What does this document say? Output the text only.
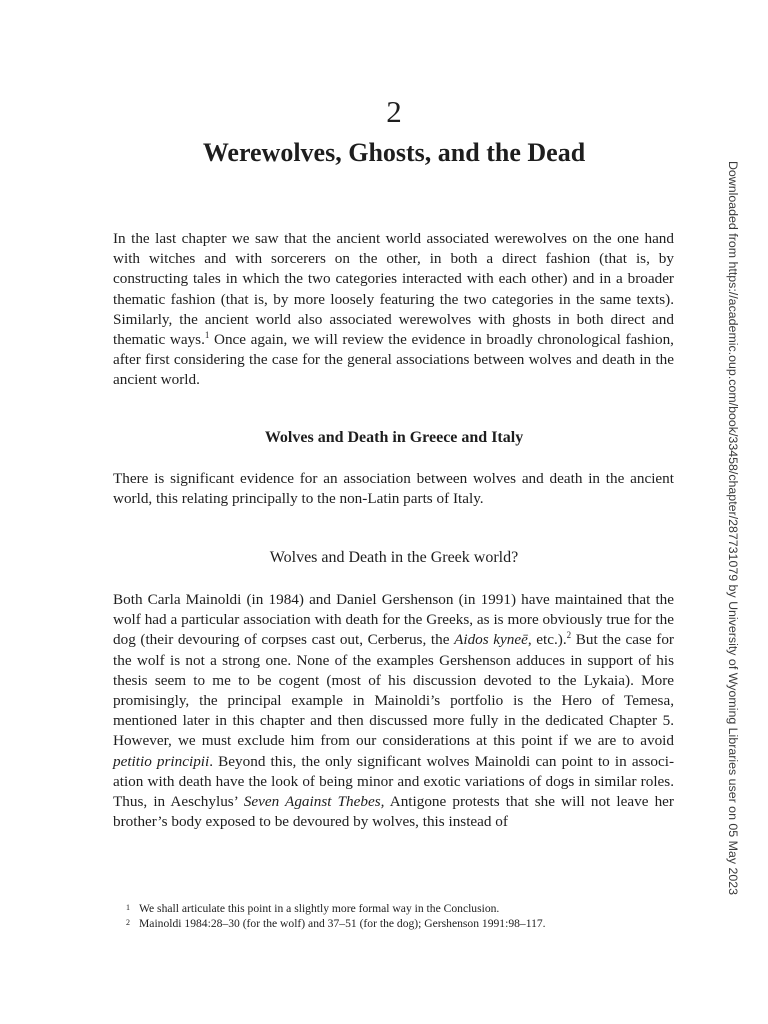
2
Werewolves, Ghosts, and the Dead

In the last chapter we saw that the ancient world associated werewolves on the one hand with witches and with sorcerers on the other, in both a direct fashion (that is, by constructing tales in which the two categories interacted with each other) and in a broader thematic fashion (that is, by more loosely featuring the two categories in the same texts). Similarly, the ancient world also associated werewolves with ghosts in both direct and thematic ways.$^1$ Once again, we will review the evidence in broadly chronological fashion, after first considering the case for the general associations between wolves and death in the ancient world.

Wolves and Death in Greece and Italy

There is significant evidence for an association between wolves and death in the ancient world, this relating principally to the non-Latin parts of Italy.

Wolves and Death in the Greek world?

Both Carla Mainoldi (in 1984) and Daniel Gershenson (in 1991) have maintained that the wolf had a particular association with death for the Greeks, as is more obviously true for the dog (their devouring of corpses cast out, Cerberus, the Aidos kyneē, etc.).$^2$ But the case for the wolf is not a strong one. None of the examples Gershenson adduces in support of his thesis seem to me to be cogent (most of his discussion devoted to the Lykaia). More promisingly, the principal example in Mainoldi’s portfolio is the Hero of Temesa, mentioned later in this chapter and then discussed more fully in the dedicated Chapter 5. However, we must exclude him from our considerations at this point if we are to avoid petitio principii. Beyond this, the only significant wolves Mainoldi can point to in association with death have the look of being minor and exotic variations of dogs in similar roles. Thus, in Aeschylus’ Seven Against Thebes, Antigone protests that she will not leave her brother’s body exposed to be devoured by wolves, this instead of

1 We shall articulate this point in a slightly more formal way in the Conclusion.
2 Mainoldi 1984:28–30 (for the wolf) and 37–51 (for the dog); Gershenson 1991:98–117.
Downloaded from https://academic.oup.com/book/33458/chapter/287731079 by University of Wyoming Libraries user on 05 May 2023
